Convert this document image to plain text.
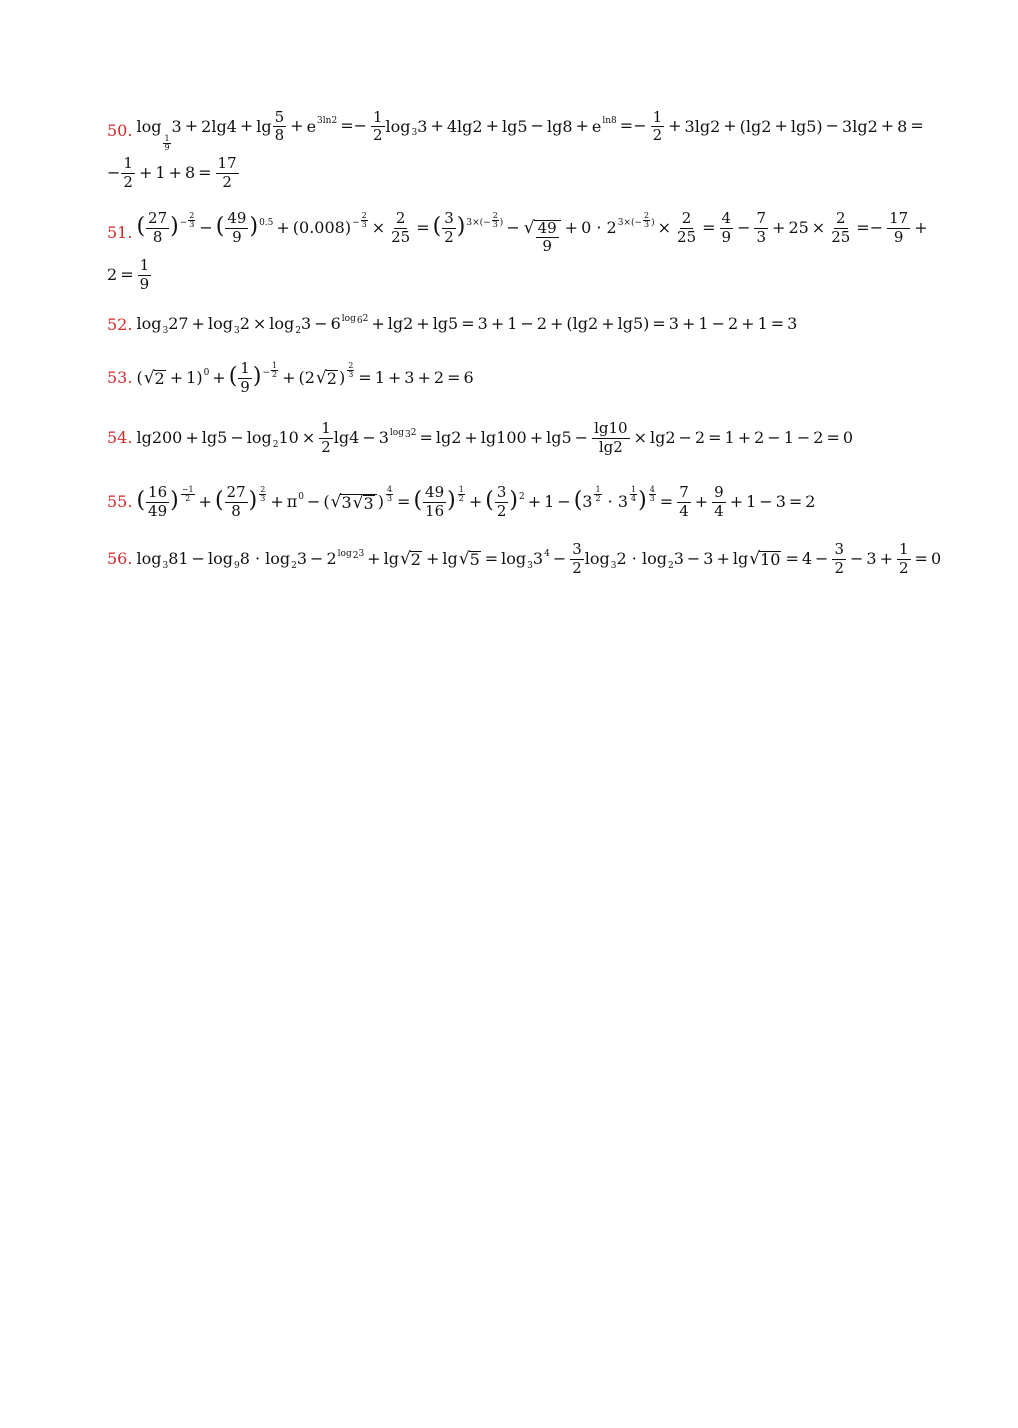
50. log
$_{\frac{1}{9}}$
$3 + 2\lg 4 + \lg \frac{5}{8} + e^{3ln2} =- \frac{1}{2} \log_33 + 4\lg 2 + \lg 5 - \lg 8 + e^{ln8} =- \frac{1}{2} + 3\lg 2 + (\lg 2 + \lg 5) - 3\lg 2 + 8$ =
− $\frac{1}{2} + 1 + 8 = \frac{17}{2}$
51. ( $\frac{27}{8} )^{- \frac{2}{3}}$ − ( $\frac{49}{9} )^{0.5} + (0.008)^{- \frac{2}{3}} \times \frac{2}{25}$ = ( $\frac{3}{2} )^{3\times(- \frac{2}{3} )}$ − √ $\frac{49}{9} + 0 \cdot 2^{3\times(- \frac{2}{3} )} \times \frac{2}{25} = \frac{4}{9} - \frac{7}{3} + 25 \times \frac{2}{25} =- \frac{17}{9}$ +
$2 = \frac{1}{9}$
52. $\log_327 + \log_32 \times \log_23 - 6^{log62} + \lg 2 + \lg 5 = 3 + 1 - 2 + (\lg 2 + \lg 5) = 3 + 1 - 2 + 1 = 3$
53. ( √ 2 + 1)$^0$ + ( $\frac{1}{9} )^{- \frac{1}{2}} + (2$ √ 2 ) $^{\frac{2}{3}}$ = 1 + 3 + 2 = 6
54. $\lg 200 + \lg 5 - \log_210 \times \frac{1}{2} \lg 4 - 3^{log32} = \lg 2 + \lg 100 + \lg 5 - \frac{\lg 10}{\lg 2} \times \lg 2 - 2 = 1 + 2 - 1 - 2 = 0$
55. ( $\frac{16}{49}$ ) $^{\frac{-1}{2}}$ + ( $\frac{27}{8}$ ) $^{\frac{2}{3}} + \pi^0$ − ( √ 3 √ 3 ) $^{\frac{4}{3}}$ = ( $\frac{49}{16}$ ) $^{\frac{1}{2}}$ + ( $\frac{3}{2} )^2 + 1 - (3$ $^{\frac{1}{2}}$ · 3 $^{\frac{1}{4}}$ ) $^{\frac{4}{3}} = \frac{7}{4} + \frac{9}{4} + 1 - 3 = 2$
56. $\log_381 - \log_98 \cdot \log_23 - 2^{log23} + \lg$ √ 2 + lg √ $5 = \log_33^4 - \frac{3}{2} \log_32 \cdot \log_23 - 3 + \lg$ √ $10 = 4 - \frac{3}{2} - 3 + \frac{1}{2} = 0$
